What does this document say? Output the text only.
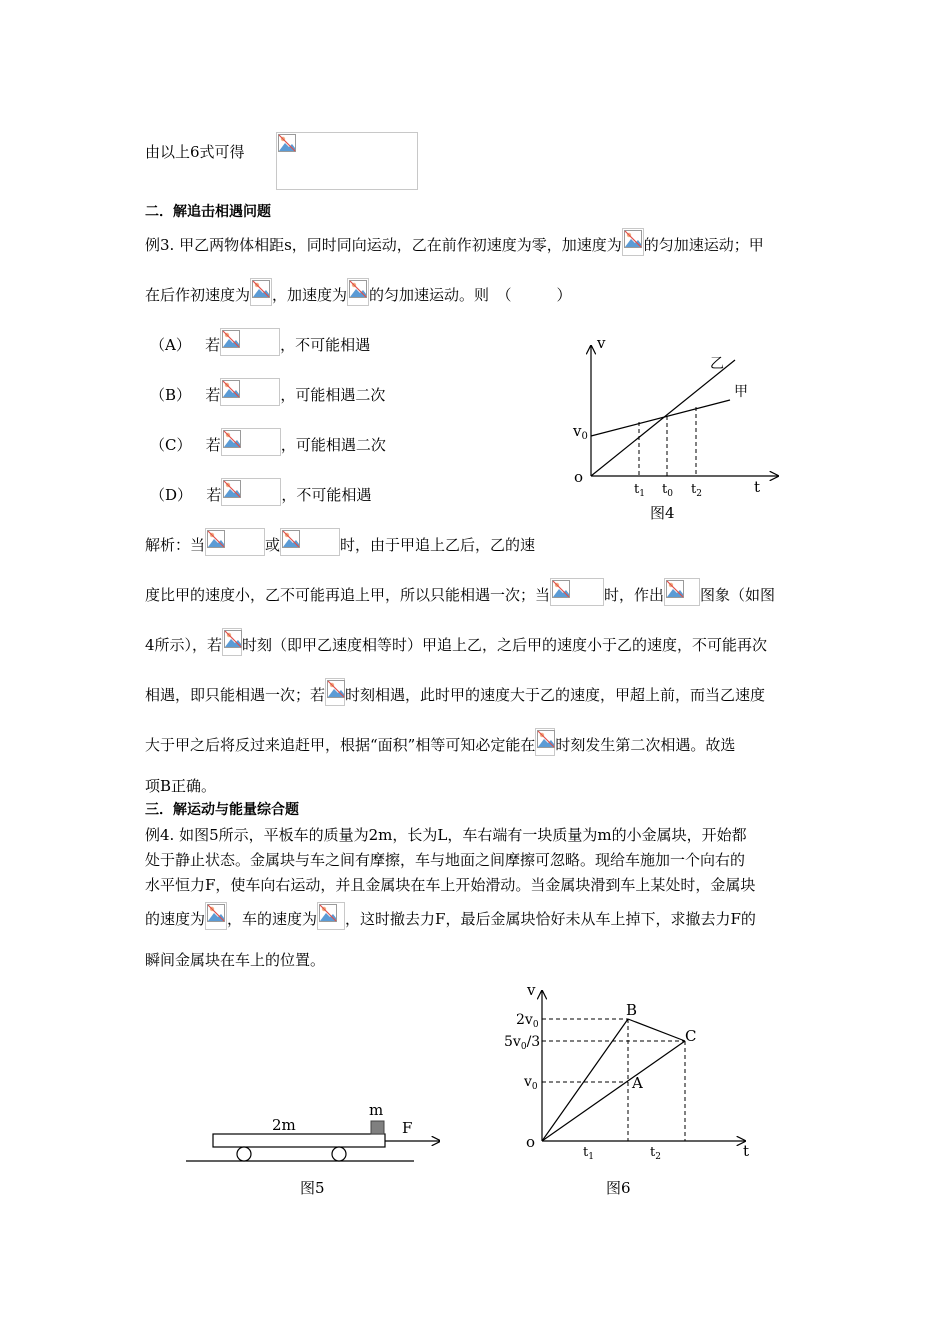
由以上6式可得
二．解追击相遇问题
例3. 甲乙两物体相距s，同时同向运动，乙在前作初速度为零，加速度为 的匀加速运动；甲
在后作初速度为 ，加速度为 的匀加速运动。则　（　　　）
（A） 若	，不可能相遇
（B） 若	，可能相遇二次
（C） 若	，可能相遇二次
（D） 若	，不可能相遇
v
t
o
$v_0$
乙
甲
$t_1$ $t_0$ $t_2$
图4
解析：当	或	时，由于甲追上乙后，乙的速
度比甲的速度小，乙不可能再追上甲，所以只能相遇一次；当	时，作出 图象（如图
4所示），若 时刻（即甲乙速度相等时）甲追上乙，之后甲的速度小于乙的速度，不可能再次
相遇，即只能相遇一次；若 时刻相遇，此时甲的速度大于乙的速度，甲超上前，而当乙速度
大于甲之后将反过来追赶甲，根据“面积”相等可知必定能在 时刻发生第二次相遇。故选
项B正确。
三．解运动与能量综合题
例4. 如图5所示，平板车的质量为2m，长为L，车右端有一块质量为m的小金属块，开始都
处于静止状态。金属块与车之间有摩擦，车与地面之间摩擦可忽略。现给车施加一个向右的
水平恒力F，使车向右运动，并且金属块在车上开始滑动。当金属块滑到车上某处时，金属块
的速度为 ，车的速度为 ，这时撤去力F，最后金属块恰好未从车上掉下，求撤去力F的
瞬间金属块在车上的位置。
2m
m
F
图5
v
t
o
$2v_0$
$5v_0/3$
$v_0$
B
C
A
$t_1$	$t_2$
图6
